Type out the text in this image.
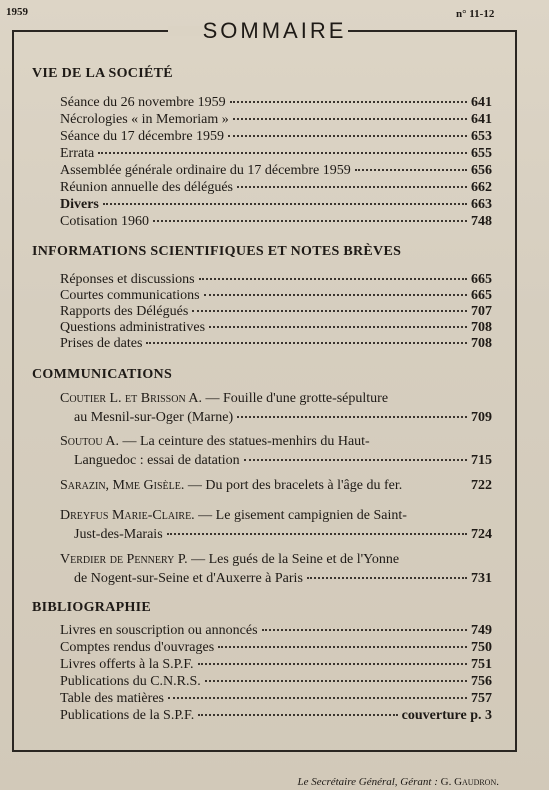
1959
SOMMAIRE
n° 11-12
VIE DE LA SOCIÉTÉ
Séance du 26 novembre 1959	641
Nécrologies « in Memoriam »	641
Séance du 17 décembre 1959	653
Errata	655
Assemblée générale ordinaire du 17 décembre 1959	656
Réunion annuelle des délégués	662
Divers	663
Cotisation 1960	748
INFORMATIONS SCIENTIFIQUES ET NOTES BRÈVES
Réponses et discussions	665
Courtes communications	665
Rapports des Délégués	707
Questions administratives	708
Prises de dates	708
COMMUNICATIONS
Coutier L. et Brisson A.
— Fouille d'une grotte-sépulture
au Mesnil-sur-Oger (Marne)	709
Soutou A.
— La ceinture des statues-menhirs du Haut-
Languedoc : essai de datation	715
Sarazin, Mme Gisèle.
— Du port des bracelets à l'âge du fer.	722
Dreyfus Marie-Claire.
— Le gisement campignien de Saint-
Just-des-Marais	724
Verdier de Pennery P.
— Les gués de la Seine et de l'Yonne
de Nogent-sur-Seine et d'Auxerre à Paris	731
BIBLIOGRAPHIE
Livres en souscription ou annoncés	749
Comptes rendus d'ouvrages	750
Livres offerts à la S.P.F.	751
Publications du C.N.R.S.	756
Table des matières	757
Publications de la S.P.F.	couverture p. 3
Le Secrétaire Général, Gérant : G. Gaudron.
